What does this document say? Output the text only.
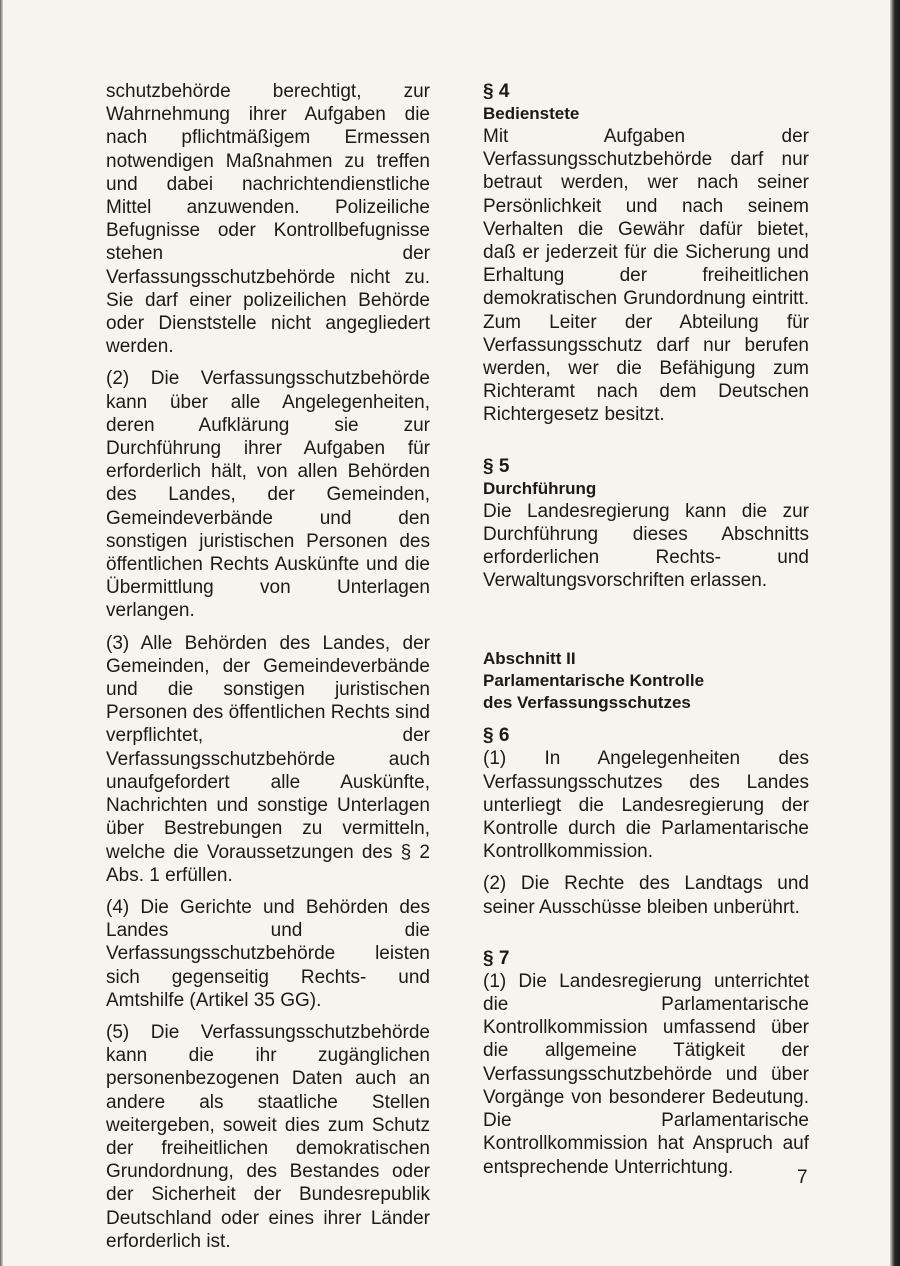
schutzbehörde berechtigt, zur Wahrnehmung ihrer Aufgaben die nach pflichtmäßigem Ermessen notwendigen Maßnahmen zu treffen und dabei nachrichtendienstliche Mittel anzuwenden. Polizeiliche Befugnisse oder Kontrollbefugnisse stehen der Verfassungsschutzbehörde nicht zu. Sie darf einer polizeilichen Behörde oder Dienststelle nicht angegliedert werden.

(2) Die Verfassungsschutzbehörde kann über alle Angelegenheiten, deren Aufklärung sie zur Durchführung ihrer Aufgaben für erforderlich hält, von allen Behörden des Landes, der Gemeinden, Gemeindeverbände und den sonstigen juristischen Personen des öffentlichen Rechts Auskünfte und die Übermittlung von Unterlagen verlangen.

(3) Alle Behörden des Landes, der Gemeinden, der Gemeindeverbände und die sonstigen juristischen Personen des öffentlichen Rechts sind verpflichtet, der Verfassungsschutzbehörde auch unaufgefordert alle Auskünfte, Nachrichten und sonstige Unterlagen über Bestrebungen zu vermitteln, welche die Voraussetzungen des § 2 Abs. 1 erfüllen.

(4) Die Gerichte und Behörden des Landes und die Verfassungsschutzbehörde leisten sich gegenseitig Rechts- und Amtshilfe (Artikel 35 GG).

(5) Die Verfassungsschutzbehörde kann die ihr zugänglichen personenbezogenen Daten auch an andere als staatliche Stellen weitergeben, soweit dies zum Schutz der freiheitlichen demokratischen Grundordnung, des Bestandes oder der Sicherheit der Bundesrepublik Deutschland oder eines ihrer Länder erforderlich ist.

§ 4
Bedienstete

Mit Aufgaben der Verfassungsschutzbehörde darf nur betraut werden, wer nach seiner Persönlichkeit und nach seinem Verhalten die Gewähr dafür bietet, daß er jederzeit für die Sicherung und Erhaltung der freiheitlichen demokratischen Grundordnung eintritt. Zum Leiter der Abteilung für Verfassungsschutz darf nur berufen werden, wer die Befähigung zum Richteramt nach dem Deutschen Richtergesetz besitzt.

§ 5
Durchführung

Die Landesregierung kann die zur Durchführung dieses Abschnitts erforderlichen Rechts- und Verwaltungsvorschriften erlassen.

Abschnitt II
Parlamentarische Kontrolle
des Verfassungsschutzes
§ 6

(1) In Angelegenheiten des Verfassungsschutzes des Landes unterliegt die Landesregierung der Kontrolle durch die Parlamentarische Kontrollkommission.

(2) Die Rechte des Landtags und seiner Ausschüsse bleiben unberührt.

§ 7

(1) Die Landesregierung unterrichtet die Parlamentarische Kontrollkommission umfassend über die allgemeine Tätigkeit der Verfassungsschutzbehörde und über Vorgänge von besonderer Bedeutung. Die Parlamentarische Kontrollkommission hat Anspruch auf entsprechende Unterrichtung.	7
